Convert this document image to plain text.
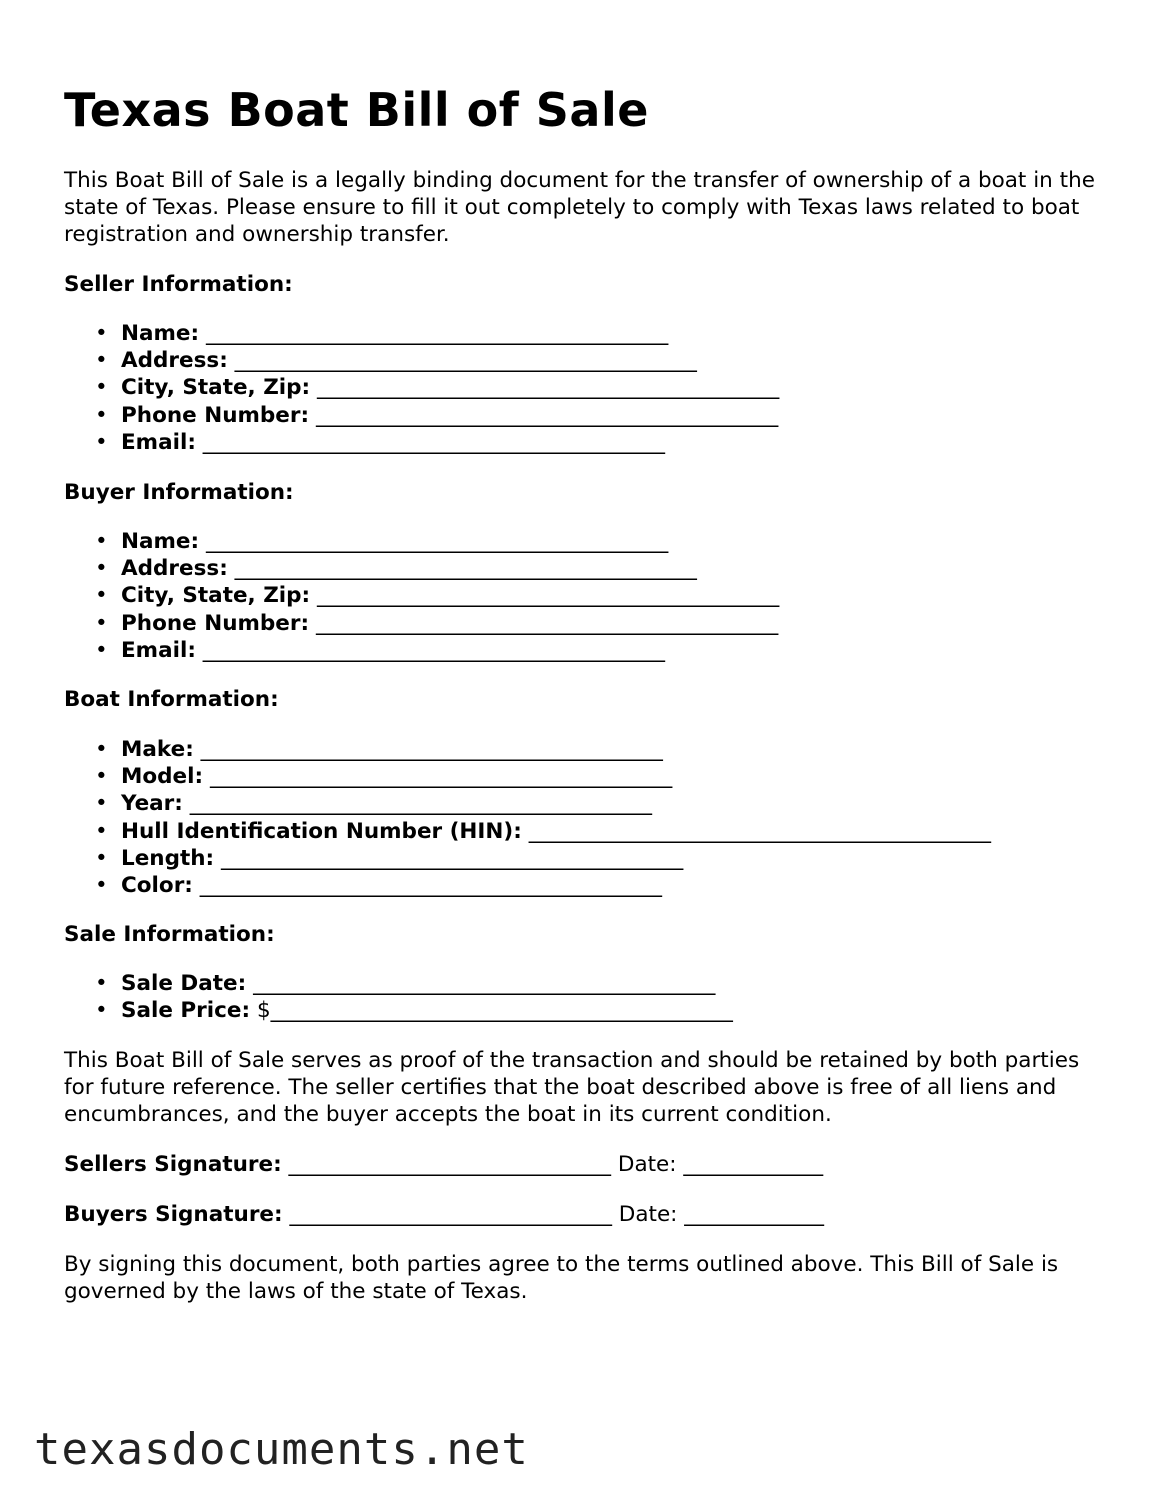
Texas Boat Bill of Sale

This Boat Bill of Sale is a legally binding document for the transfer of ownership of a boat in the state of Texas. Please ensure to fill it out completely to comply with Texas laws related to boat registration and ownership transfer.

Seller Information:

• Name: ___________________________________________
• Address: ___________________________________________
• City, State, Zip: ___________________________________________
• Phone Number: ___________________________________________
• Email: ___________________________________________

Buyer Information:

• Name: ___________________________________________
• Address: ___________________________________________
• City, State, Zip: ___________________________________________
• Phone Number: ___________________________________________
• Email: ___________________________________________

Boat Information:

• Make: ___________________________________________
• Model: ___________________________________________
• Year: ___________________________________________
• Hull Identification Number (HIN): ___________________________________________
• Length: ___________________________________________
• Color: ___________________________________________

Sale Information:

• Sale Date: ___________________________________________
• Sale Price: $___________________________________________

This Boat Bill of Sale serves as proof of the transaction and should be retained by both parties for future reference. The seller certifies that the boat described above is free of all liens and encumbrances, and the buyer accepts the boat in its current condition.

Sellers Signature: ______________________________ Date: _____________

Buyers Signature: ______________________________ Date: _____________

By signing this document, both parties agree to the terms outlined above. This Bill of Sale is governed by the laws of the state of Texas.

texasdocuments.net
